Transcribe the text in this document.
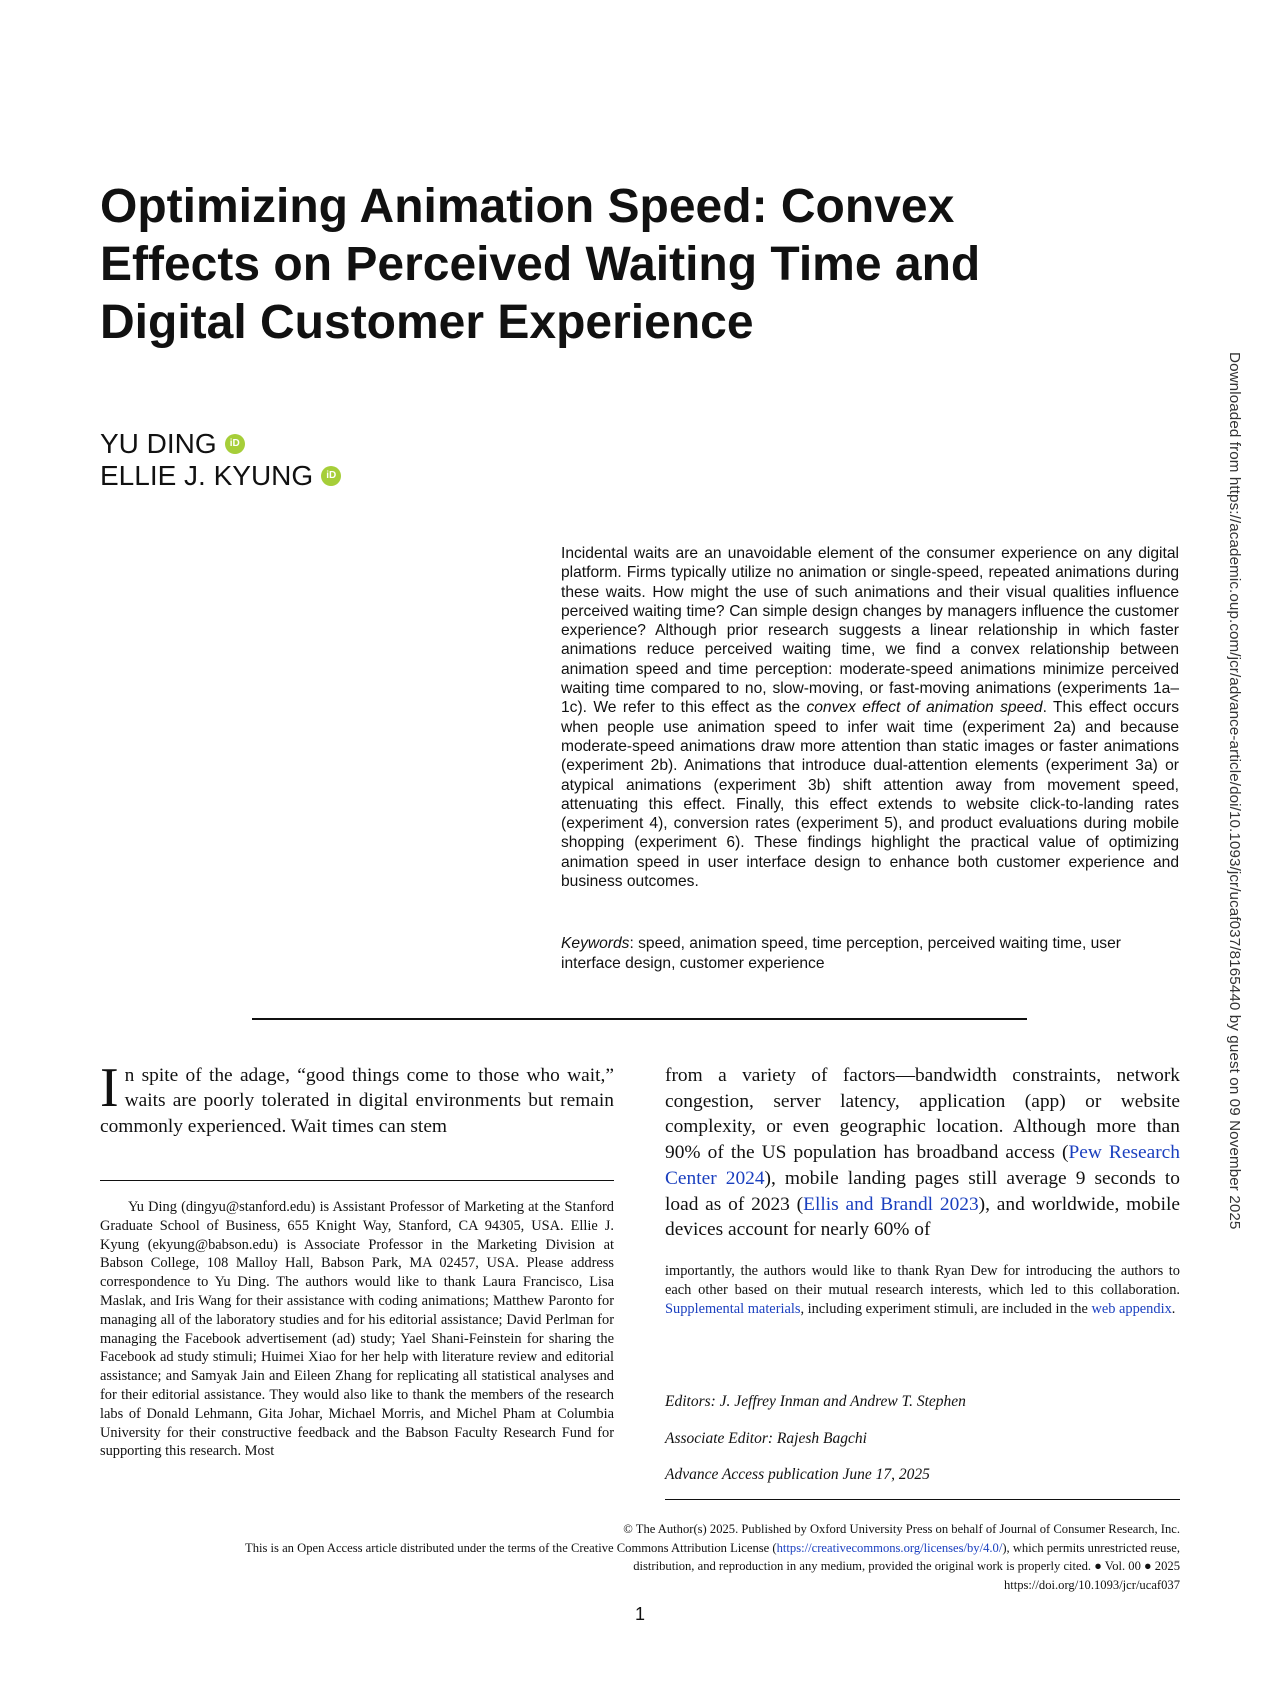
Optimizing Animation Speed: Convex
Effects on Perceived Waiting Time and
Digital Customer Experience
YU DING	iD
ELLIE J. KYUNG	iD

Incidental waits are an unavoidable element of the consumer experience on any digital platform. Firms typically utilize no animation or single-speed, repeated animations during these waits. How might the use of such animations and their visual qualities influence perceived waiting time? Can simple design changes by managers influence the customer experience? Although prior research suggests a linear relationship in which faster animations reduce perceived waiting time, we find a convex relationship between animation speed and time perception: moderate-speed animations minimize perceived waiting time compared to no, slow-moving, or fast-moving animations (experiments 1a–1c). We refer to this effect as the convex effect of animation speed. This effect occurs when people use animation speed to infer wait time (experiment 2a) and because moderate-speed animations draw more attention than static images or faster animations (experiment 2b). Animations that introduce dual-attention elements (experiment 3a) or atypical animations (experiment 3b) shift attention away from movement speed, attenuating this effect. Finally, this effect extends to website click-to-landing rates (experiment 4), conversion rates (experiment 5), and product evaluations during mobile shopping (experiment 6). These findings highlight the practical value of optimizing animation speed in user interface design to enhance both customer experience and business outcomes.

Keywords: speed, animation speed, time perception, perceived waiting time, user interface design, customer experience

In spite of the adage, “good things come to those who wait,” waits are poorly tolerated in digital environments but remain commonly experienced. Wait times can stem

from a variety of factors—bandwidth constraints, network congestion, server latency, application (app) or website complexity, or even geographic location. Although more than 90% of the US population has broadband access (Pew Research Center 2024), mobile landing pages still average 9 seconds to load as of 2023 (Ellis and Brandl 2023), and worldwide, mobile devices account for nearly 60% of

Yu Ding (dingyu@stanford.edu) is Assistant Professor of Marketing at the Stanford Graduate School of Business, 655 Knight Way, Stanford, CA 94305, USA. Ellie J. Kyung (ekyung@babson.edu) is Associate Professor in the Marketing Division at Babson College, 108 Malloy Hall, Babson Park, MA 02457, USA. Please address correspondence to Yu Ding. The authors would like to thank Laura Francisco, Lisa Maslak, and Iris Wang for their assistance with coding animations; Matthew Paronto for managing all of the laboratory studies and for his editorial assistance; David Perlman for managing the Facebook advertisement (ad) study; Yael Shani-Feinstein for sharing the Facebook ad study stimuli; Huimei Xiao for her help with literature review and editorial assistance; and Samyak Jain and Eileen Zhang for replicating all statistical analyses and for their editorial assistance. They would also like to thank the members of the research labs of Donald Lehmann, Gita Johar, Michael Morris, and Michel Pham at Columbia University for their constructive feedback and the Babson Faculty Research Fund for supporting this research. Most

importantly, the authors would like to thank Ryan Dew for introducing the authors to each other based on their mutual research interests, which led to this collaboration. Supplemental materials, including experiment stimuli, are included in the web appendix.

Editors: J. Jeffrey Inman and Andrew T. Stephen
Associate Editor: Rajesh Bagchi
Advance Access publication June 17, 2025
© The Author(s) 2025. Published by Oxford University Press on behalf of Journal of Consumer Research, Inc.
This is an Open Access article distributed under the terms of the Creative Commons Attribution License (https://creativecommons.org/licenses/by/4.0/), which permits unrestricted reuse,
distribution, and reproduction in any medium, provided the original work is properly cited. ● Vol. 00 ● 2025
https://doi.org/10.1093/jcr/ucaf037
1
Downloaded from https://academic.oup.com/jcr/advance-article/doi/10.1093/jcr/ucaf037/8165440 by guest on 09 November 2025
